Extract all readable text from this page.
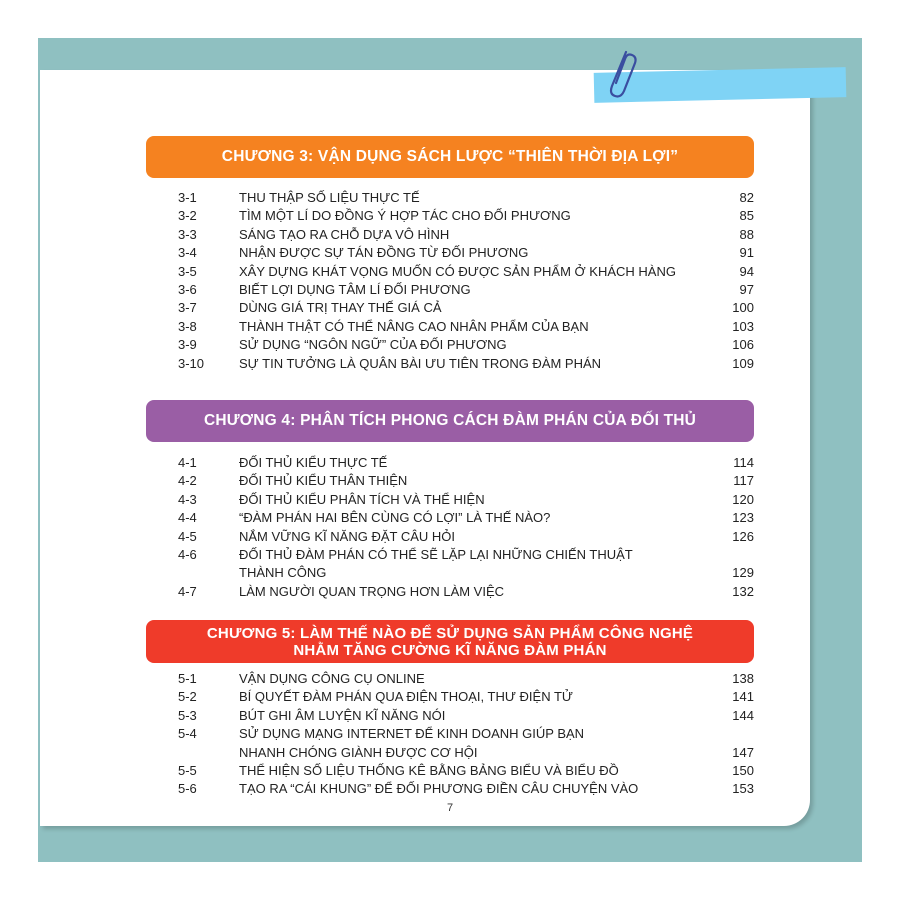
CHƯƠNG 3: VẬN DỤNG SÁCH LƯỢC “THIÊN THỜI ĐỊA LỢI”
3-1	THU THẬP SỐ LIỆU THỰC TẾ	82
3-2	TÌM MỘT LÍ DO ĐỒNG Ý HỢP TÁC CHO ĐỐI PHƯƠNG	85
3-3	SÁNG TẠO RA CHỖ DỰA VÔ HÌNH	88
3-4	NHẬN ĐƯỢC SỰ TÁN ĐỒNG TỪ ĐỐI PHƯƠNG	91
3-5	XÂY DỰNG KHÁT VỌNG MUỐN CÓ ĐƯỢC SẢN PHẨM Ở KHÁCH HÀNG	94
3-6	BIẾT LỢI DỤNG TÂM LÍ ĐỐI PHƯƠNG	97
3-7	DÙNG GIÁ TRỊ THAY THẾ GIÁ CẢ	100
3-8	THÀNH THẬT CÓ THỂ NÂNG CAO NHÂN PHẨM CỦA BẠN	103
3-9	SỬ DỤNG “NGÔN NGỮ” CỦA ĐỐI PHƯƠNG	106
3-10	SỰ TIN TƯỞNG LÀ QUÂN BÀI ƯU TIÊN TRONG ĐÀM PHÁN	109
CHƯƠNG 4: PHÂN TÍCH PHONG CÁCH ĐÀM PHÁN CỦA ĐỐI THỦ
4-1	ĐỐI THỦ KIỂU THỰC TẾ	114
4-2	ĐỐI THỦ KIỂU THÂN THIỆN	117
4-3	ĐỐI THỦ KIỂU PHÂN TÍCH VÀ THỂ HIỆN	120
4-4	“ĐÀM PHÁN HAI BÊN CÙNG CÓ LỢI” LÀ THẾ NÀO?	123
4-5	NẮM VỮNG KĨ NĂNG ĐẶT CÂU HỎI	126
4-6	ĐỐI THỦ ĐÀM PHÁN CÓ THỂ SẼ LẶP LẠI NHỮNG CHIẾN THUẬT
THÀNH CÔNG	129
4-7	LÀM NGƯỜI QUAN TRỌNG HƠN LÀM VIỆC	132
CHƯƠNG 5: LÀM THẾ NÀO ĐỂ SỬ DỤNG SẢN PHẨM CÔNG NGHỆ
NHẰM TĂNG CƯỜNG KĨ NĂNG ĐÀM PHÁN
5-1	VẬN DỤNG CÔNG CỤ ONLINE	138
5-2	BÍ QUYẾT ĐÀM PHÁN QUA ĐIỆN THOẠI, THƯ ĐIỆN TỬ	141
5-3	BÚT GHI ÂM LUYỆN KĨ NĂNG NÓI	144
5-4	SỬ DỤNG MẠNG INTERNET ĐỂ KINH DOANH GIÚP BẠN
NHANH CHÓNG GIÀNH ĐƯỢC CƠ HỘI	147
5-5	THỂ HIỆN SỐ LIỆU THỐNG KÊ BẰNG BẢNG BIỂU VÀ BIỂU ĐỒ	150
5-6	TẠO RA “CÁI KHUNG” ĐỂ ĐỐI PHƯƠNG ĐIỀN CÂU CHUYỆN VÀO	153
7
